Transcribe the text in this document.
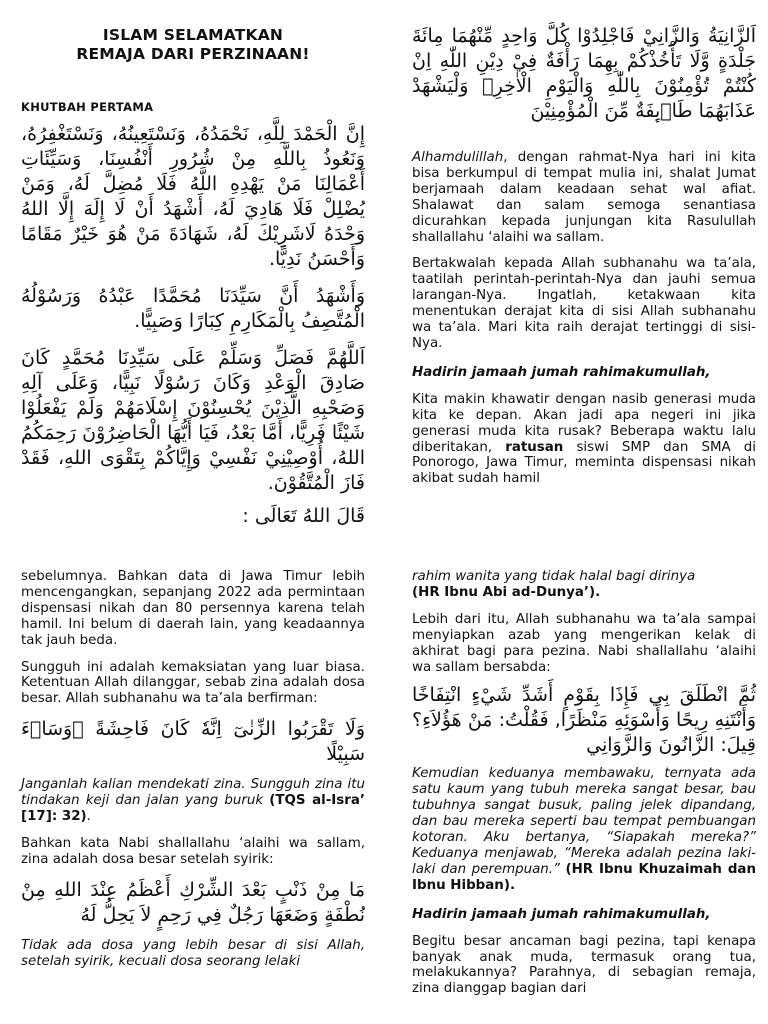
ISLAM SELAMATKAN
REMAJA DARI PERZINAAN!
KHUTBAH PERTAMA

إِنَّ الْحَمْدَ لِلَّهِ، نَحْمَدُهُ، وَنَسْتَعِينُهُ، وَنَسْتَغْفِرُهُ، وَنَعُوذُ بِاللَّهِ مِنْ شُرُورِ أَنْفُسِنَا، وَسَيِّئَاتِ أَعْمَالِنَا مَنْ يَهْدِهِ اللَّهُ فَلَا مُضِلَّ لَهُ، وَمَنْ يُضْلِلْ فَلَا هَادِيَ لَهُ، أَشْهَدُ أَنْ لَا إِلَهَ إِلَّا اللهُ وَحْدَهُ لَاشَرِيْكَ لَهُ، شَهَادَةَ مَنْ هُوَ خَيْرٌ مَقَامًا وَأَحْسَنُ نَدِيًّا.

وَأَشْهَدُ أَنَّ سَيِّدَنَا مُحَمَّدًا عَبْدُهُ وَرَسُوْلُهُ الْمُتَّصِفُ بِالْمَكَارِمِ كِبَارًا وَصَبِيًّا.

اَللَّهُمَّ فَصَلِّ وَسَلِّمْ عَلَى سَيِّدِنَا مُحَمَّدٍ كَانَ صَادِقَ الْوَعْدِ وَكَانَ رَسُوْلًا نَبِيًّا، وَعَلَى آلِهِ وَصَحْبِهِ الَّذِيْنَ يُحْسِنُوْنَ إِسْلَامَهُمْ وَلَمْ يَفْعَلُوْا شَيْئًا فَرِيًّا، أَمَّا بَعْدُ، فَيَا أَيُّهَا الْحَاضِرُوْنَ رَحِمَكُمُ اللهُ، أُوْصِيْنِيْ نَفْسِيْ وَإِيَّاكُمْ بِتَقْوَى اللهِ، فَقَدْ فَازَ الْمُتَّقُوْنَ.

قَالَ اللهُ تَعَالَى :

اَلزَّانِيَةُ وَالزَّانِيْ فَاجْلِدُوْا كُلَّ وَاحِدٍ مِّنْهُمَا مِائَةَ جَلْدَةٍ وَّلَا تَأْخُذْكُمْ بِهِمَا رَأْفَةٌ فِيْ دِيْنِ اللّٰهِ اِنْ كُنْتُمْ تُؤْمِنُوْنَ بِاللّٰهِ وَالْيَوْمِ الْاٰخِرِۚ وَلْيَشْهَدْ عَذَابَهُمَا طَاۤىِٕفَةٌ مِّنَ الْمُؤْمِنِيْنَ

Alhamdulillah, dengan rahmat-Nya hari ini kita bisa berkumpul di tempat mulia ini, shalat Jumat berjamaah dalam keadaan sehat wal afiat. Shalawat dan salam semoga senantiasa dicurahkan kepada junjungan kita Rasulullah shallallahu ‘alaihi wa sallam.

Bertakwalah kepada Allah subhanahu wa ta’ala, taatilah perintah-perintah-Nya dan jauhi semua larangan-Nya. Ingatlah, ketakwaan kita menentukan derajat kita di sisi Allah subhanahu wa ta’ala. Mari kita raih derajat tertinggi di sisi-Nya.

Hadirin jamaah jumah rahimakumullah,

Kita makin khawatir dengan nasib generasi muda kita ke depan. Akan jadi apa negeri ini jika generasi muda kita rusak? Beberapa waktu lalu diberitakan, ratusan siswi SMP dan SMA di Ponorogo, Jawa Timur, meminta dispensasi nikah akibat sudah hamil

sebelumnya. Bahkan data di Jawa Timur lebih mencengangkan, sepanjang 2022 ada permintaan dispensasi nikah dan 80 persennya karena telah hamil. Ini belum di daerah lain, yang keadaannya tak jauh beda.

Sungguh ini adalah kemaksiatan yang luar biasa. Ketentuan Allah dilanggar, sebab zina adalah dosa besar. Allah subhanahu wa ta’ala berfirman:

وَلَا تَقْرَبُوا الزِّنٰىٓ اِنَّهٗ كَانَ فَاحِشَةً ۗوَسَاۤءَ سَبِيْلًا

Janganlah kalian mendekati zina. Sungguh zina itu tindakan keji dan jalan yang buruk (TQS al-Isra’ [17]: 32).

Bahkan kata Nabi shallallahu ‘alaihi wa sallam, zina adalah dosa besar setelah syirik:

مَا مِنْ ذَنْبٍ بَعْدَ الشِّرْكِ أَعْظَمُ عِنْدَ اللهِ مِنْ نُطْفَةٍ وَضَعَهَا رَجُلٌ فِي رَحِمٍ لاَ يَحِلُّ لَهُ

Tidak ada dosa yang lebih besar di sisi Allah, setelah syirik, kecuali dosa seorang lelaki

rahim wanita yang tidak halal bagi dirinya
(HR Ibnu Abi ad-Dunya’).

Lebih dari itu, Allah subhanahu wa ta’ala sampai menyiapkan azab yang mengerikan kelak di akhirat bagi para pezina. Nabi shallallahu ‘alaihi wa sallam bersabda:

ثُمَّ انْطَلَقَ بِي فَإِذَا بِقَوْمٍ أَشَدِّ شَيْءٍ انْتِفَاخًا وَأَنْتَنِهِ رِيحًا وَأَسْوَئِهِ مَنْظَرًا, فَقُلْتُ: مَنْ هَؤُلاَءِ؟ قِيلَ: الزَّانُونَ وَالزَّوَانِي

Kemudian keduanya membawaku, ternyata ada satu kaum yang tubuh mereka sangat besar, bau tubuhnya sangat busuk, paling jelek dipandang, dan bau mereka seperti bau tempat pembuangan kotoran. Aku bertanya, “Siapakah mereka?” Keduanya menjawab, “Mereka adalah pezina laki-laki dan perempuan.” (HR Ibnu Khuzaimah dan Ibnu Hibban).

Hadirin jamaah jumah rahimakumullah,

Begitu besar ancaman bagi pezina, tapi kenapa banyak anak muda, termasuk orang tua, melakukannya? Parahnya, di sebagian remaja, zina dianggap bagian dari
